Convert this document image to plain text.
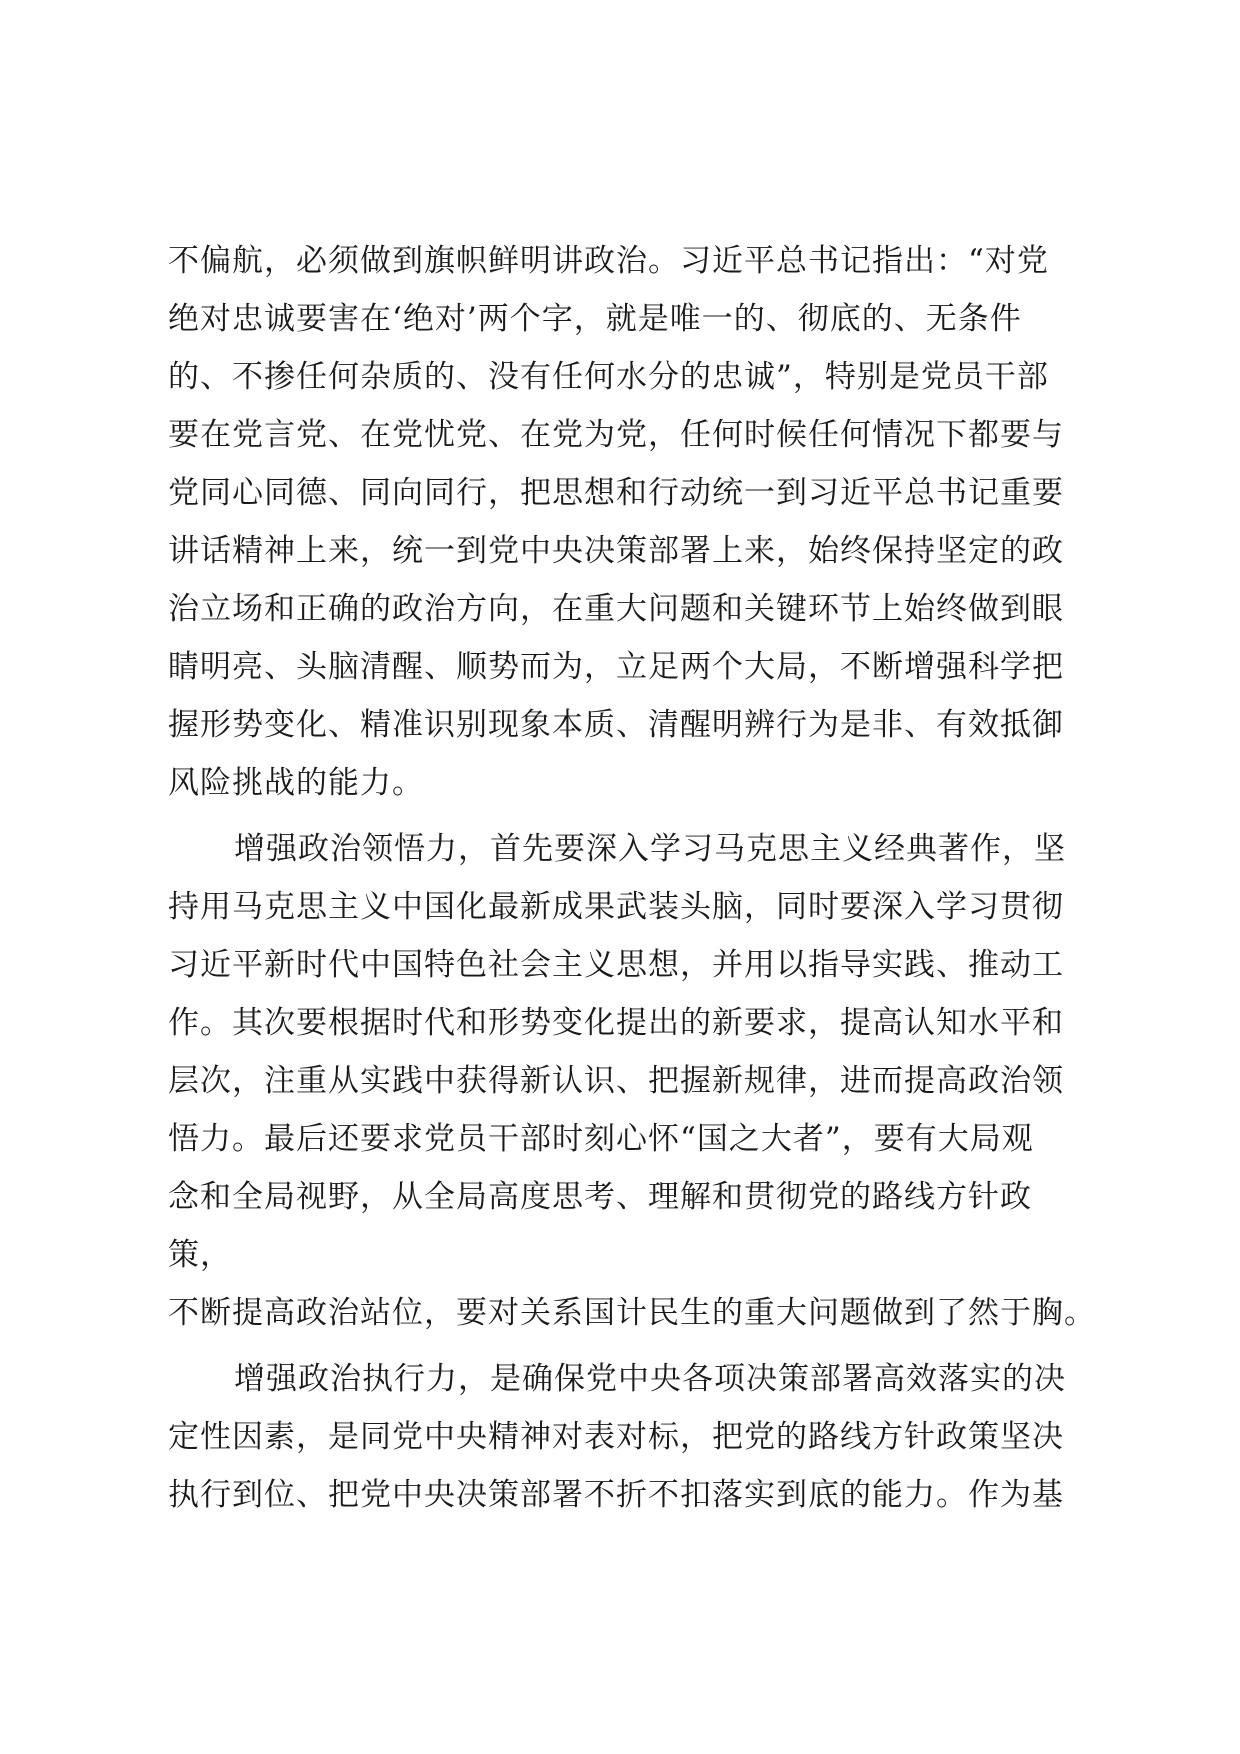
不偏航，必须做到旗帜鲜明讲政治。习近平总书记指出：“对党
绝对忠诚要害在‘绝对’两个字，就是唯一的、彻底的、无条件
的、不掺任何杂质的、没有任何水分的忠诚”，特别是党员干部
要在党言党、在党忧党、在党为党，任何时候任何情况下都要与
党同心同德、同向同行，把思想和行动统一到习近平总书记重要
讲话精神上来，统一到党中央决策部署上来，始终保持坚定的政
治立场和正确的政治方向，在重大问题和关键环节上始终做到眼
睛明亮、头脑清醒、顺势而为，立足两个大局，不断增强科学把
握形势变化、精准识别现象本质、清醒明辨行为是非、有效抵御
风险挑战的能力。
增强政治领悟力，首先要深入学习马克思主义经典著作，坚
持用马克思主义中国化最新成果武装头脑，同时要深入学习贯彻
习近平新时代中国特色社会主义思想，并用以指导实践、推动工
作。其次要根据时代和形势变化提出的新要求，提高认知水平和
层次，注重从实践中获得新认识、把握新规律，进而提高政治领
悟力。最后还要求党员干部时刻心怀“国之大者”，要有大局观
念和全局视野，从全局高度思考、理解和贯彻党的路线方针政
策，
不断提高政治站位，要对关系国计民生的重大问题做到了然于胸。
增强政治执行力，是确保党中央各项决策部署高效落实的决
定性因素，是同党中央精神对表对标，把党的路线方针政策坚决
执行到位、把党中央决策部署不折不扣落实到底的能力。作为基
